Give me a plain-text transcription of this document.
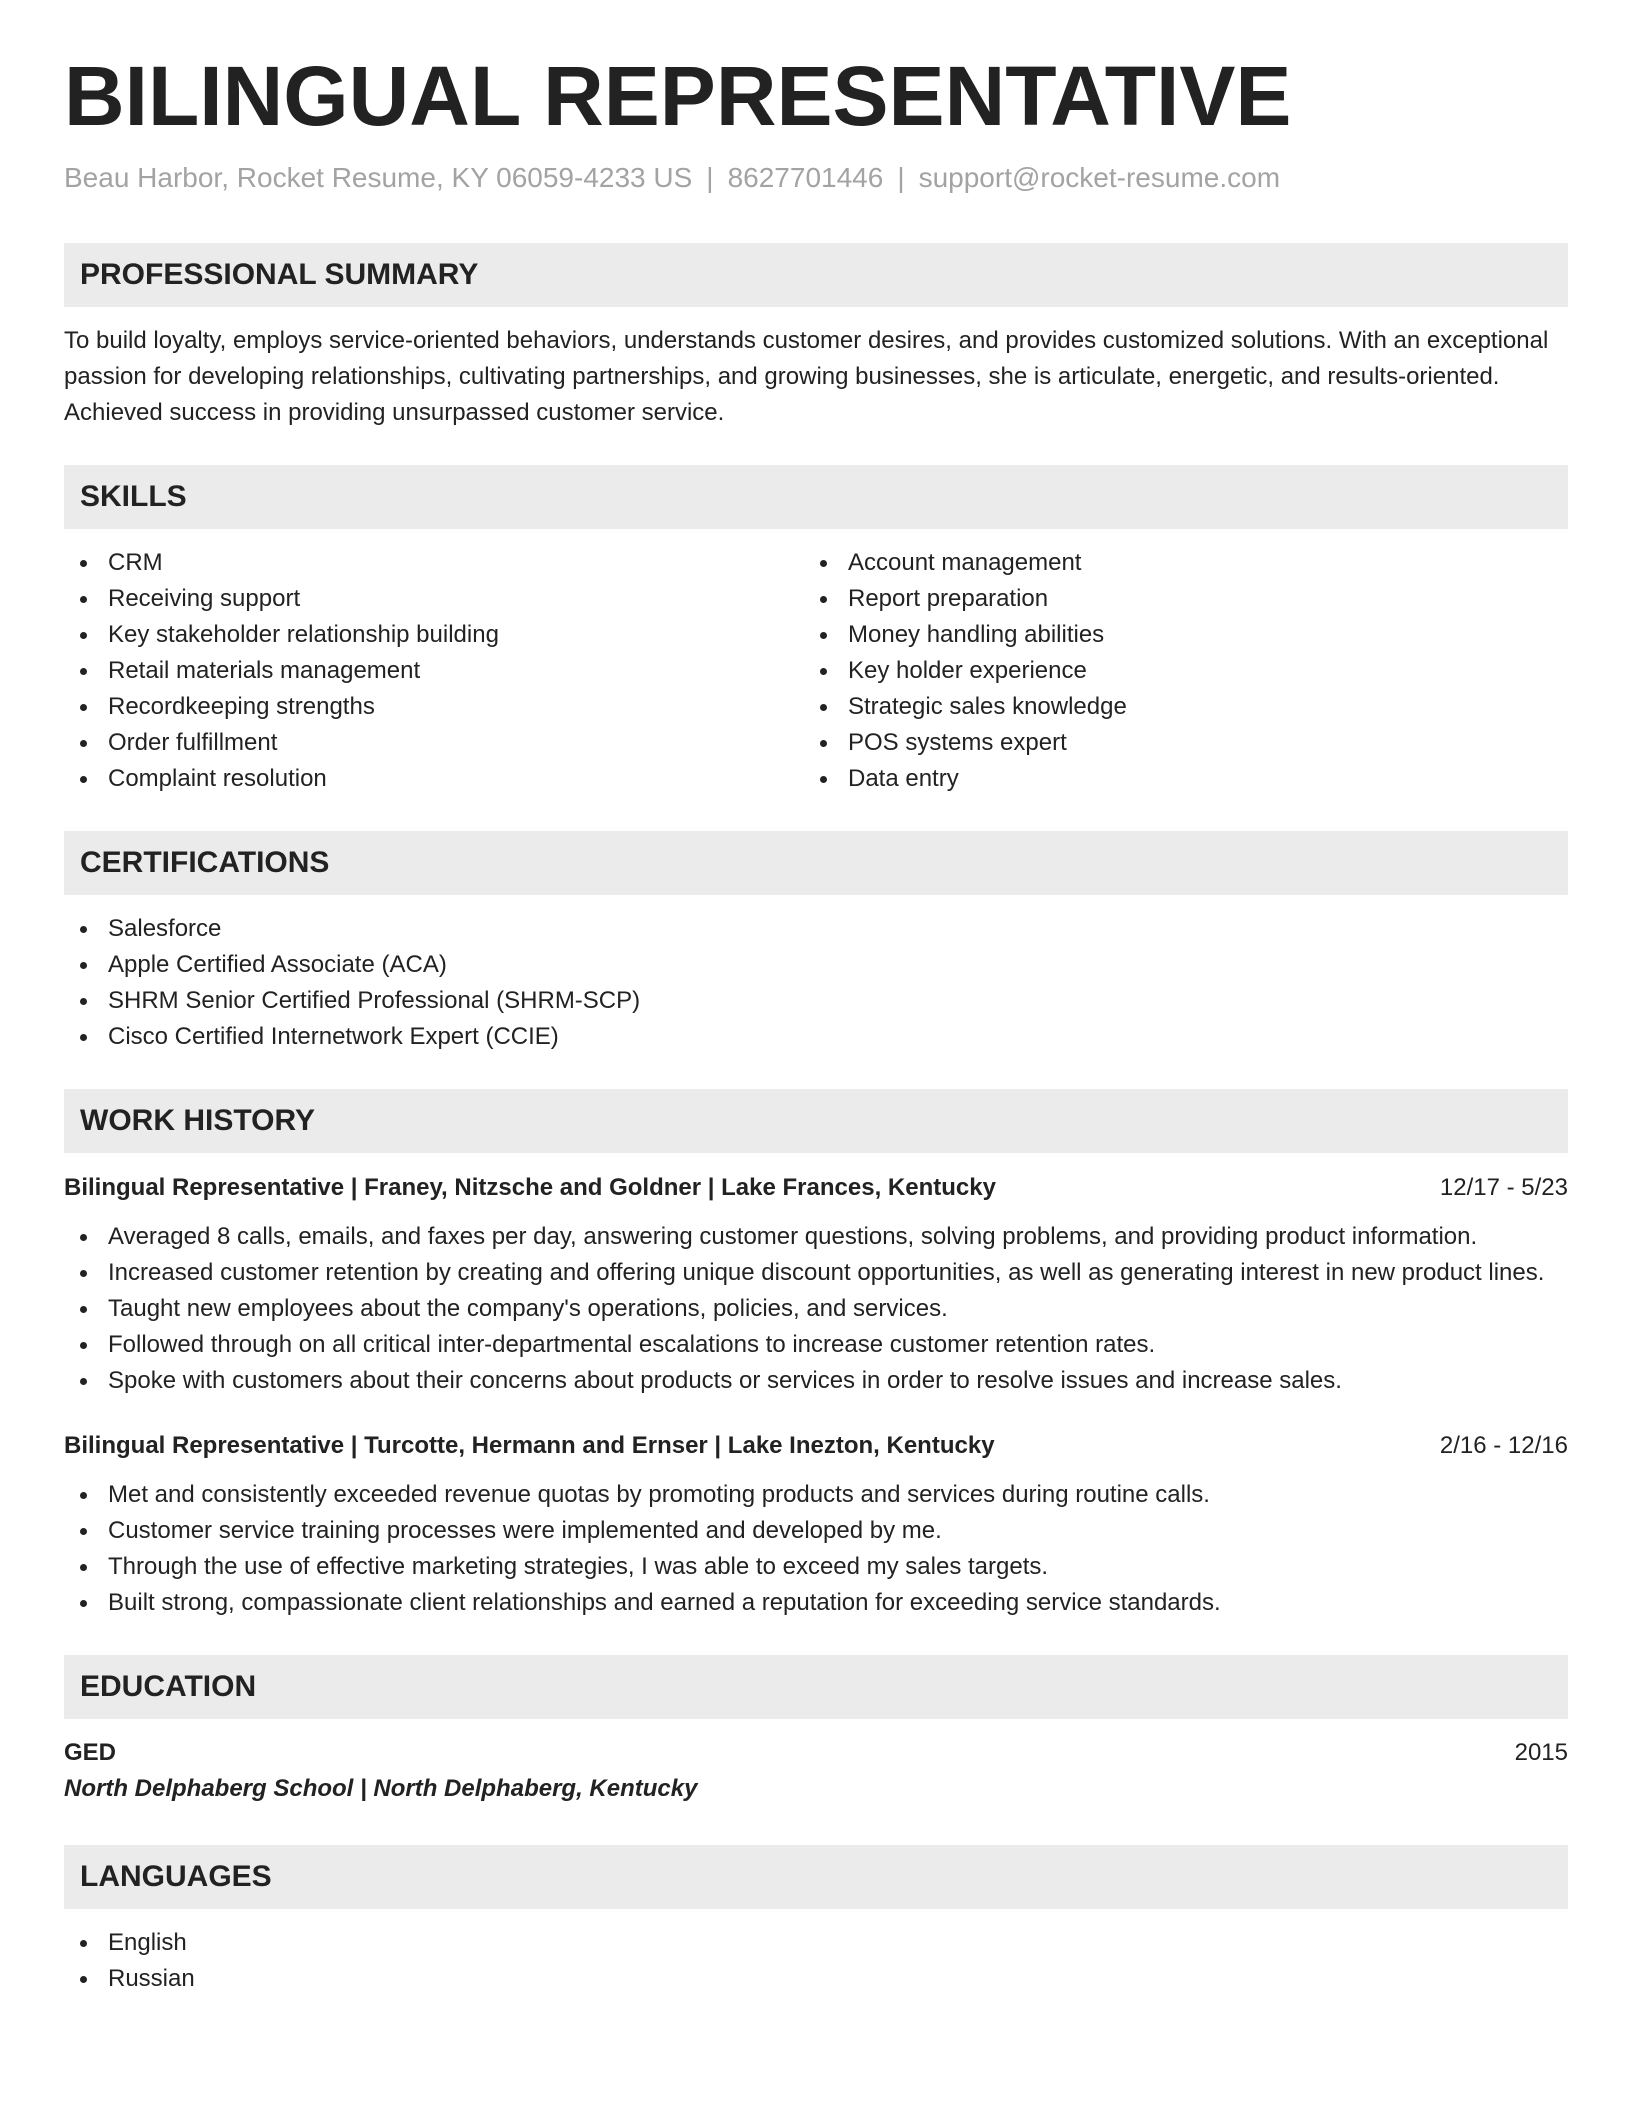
BILINGUAL REPRESENTATIVE
Beau Harbor, Rocket Resume, KY 06059-4233 US | 8627701446 | support@rocket-resume.com
PROFESSIONAL SUMMARY

To build loyalty, employs service-oriented behaviors, understands customer desires, and provides customized solutions. With an exceptional passion for developing relationships, cultivating partnerships, and growing businesses, she is articulate, energetic, and results-oriented. Achieved success in providing unsurpassed customer service.

SKILLS
CRM
Receiving support
Key stakeholder relationship building
Retail materials management
Recordkeeping strengths
Order fulfillment
Complaint resolution
Account management
Report preparation
Money handling abilities
Key holder experience
Strategic sales knowledge
POS systems expert
Data entry
CERTIFICATIONS
Salesforce
Apple Certified Associate (ACA)
SHRM Senior Certified Professional (SHRM-SCP)
Cisco Certified Internetwork Expert (CCIE)
WORK HISTORY
Bilingual Representative | Franey, Nitzsche and Goldner | Lake Frances, Kentucky	12/17 - 5/23
Averaged 8 calls, emails, and faxes per day, answering customer questions, solving problems, and providing product information.
Increased customer retention by creating and offering unique discount opportunities, as well as generating interest in new product lines.
Taught new employees about the company's operations, policies, and services.
Followed through on all critical inter-departmental escalations to increase customer retention rates.
Spoke with customers about their concerns about products or services in order to resolve issues and increase sales.
Bilingual Representative | Turcotte, Hermann and Ernser | Lake Inezton, Kentucky	2/16 - 12/16
Met and consistently exceeded revenue quotas by promoting products and services during routine calls.
Customer service training processes were implemented and developed by me.
Through the use of effective marketing strategies, I was able to exceed my sales targets.
Built strong, compassionate client relationships and earned a reputation for exceeding service standards.
EDUCATION
GED	2015
North Delphaberg School | North Delphaberg, Kentucky
LANGUAGES
English
Russian
